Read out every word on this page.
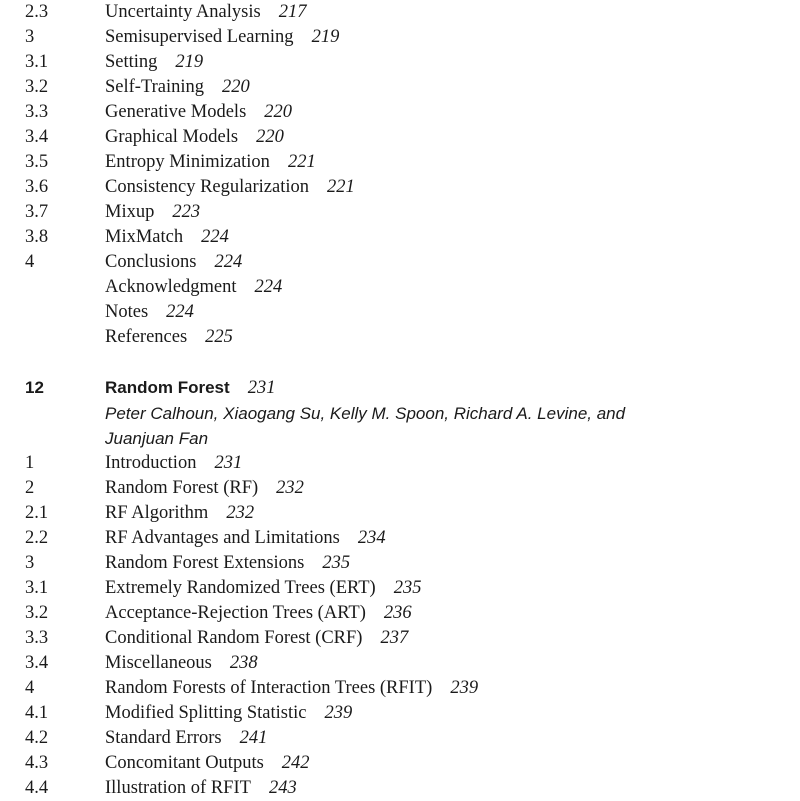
2.3	Uncertainty Analysis 217
3	Semisupervised Learning 219
3.1	Setting 219
3.2	Self-Training 220
3.3	Generative Models 220
3.4	Graphical Models 220
3.5	Entropy Minimization 221
3.6	Consistency Regularization 221
3.7	Mixup 223
3.8	MixMatch 224
4	Conclusions 224
Acknowledgment 224
Notes 224
References 225
12	Random Forest 231
Peter Calhoun, Xiaogang Su, Kelly M. Spoon, Richard A. Levine, and
Juanjuan Fan
1	Introduction 231
2	Random Forest (RF) 232
2.1	RF Algorithm 232
2.2	RF Advantages and Limitations 234
3	Random Forest Extensions 235
3.1	Extremely Randomized Trees (ERT) 235
3.2	Acceptance-Rejection Trees (ART) 236
3.3	Conditional Random Forest (CRF) 237
3.4	Miscellaneous 238
4	Random Forests of Interaction Trees (RFIT) 239
4.1	Modified Splitting Statistic 239
4.2	Standard Errors 241
4.3	Concomitant Outputs 242
4.4	Illustration of RFIT 243
